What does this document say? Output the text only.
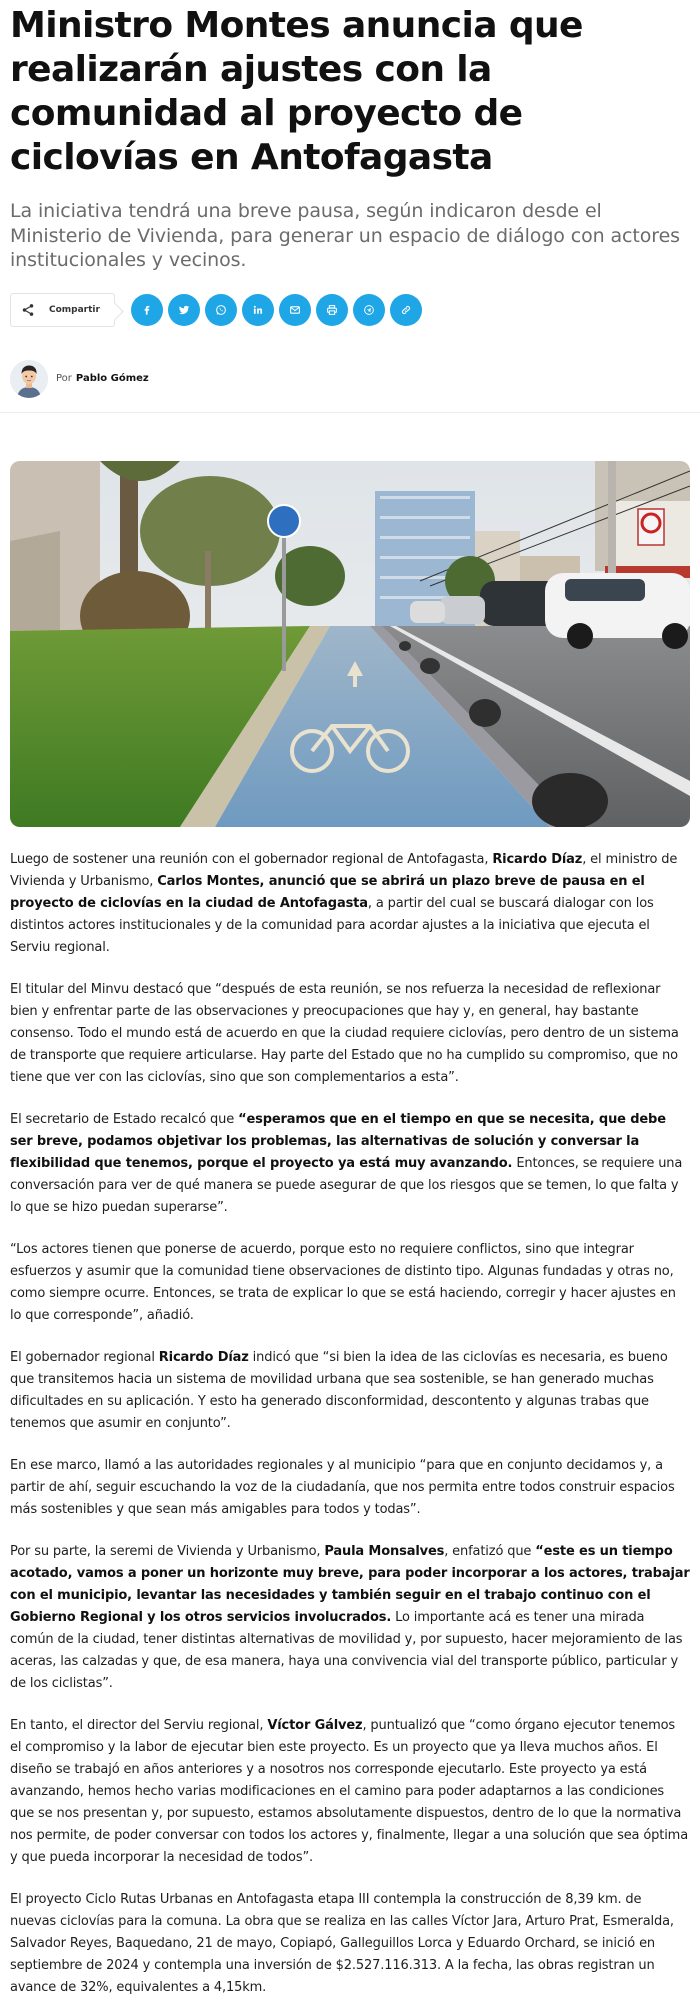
Ministro Montes anuncia que realizarán ajustes con la comunidad al proyecto de ciclovías en Antofagasta

La iniciativa tendrá una breve pausa, según indicaron desde el Ministerio de Vivienda, para generar un espacio de diálogo con actores institucionales y vecinos.

Compartir
Por Pablo Gómez

Luego de sostener una reunión con el gobernador regional de Antofagasta, Ricardo Díaz, el ministro de Vivienda y Urbanismo, Carlos Montes, anunció que se abrirá un plazo breve de pausa en el proyecto de ciclovías en la ciudad de Antofagasta, a partir del cual se buscará dialogar con los distintos actores institucionales y de la comunidad para acordar ajustes a la iniciativa que ejecuta el Serviu regional.

El titular del Minvu destacó que “después de esta reunión, se nos refuerza la necesidad de reflexionar bien y enfrentar parte de las observaciones y preocupaciones que hay y, en general, hay bastante consenso. Todo el mundo está de acuerdo en que la ciudad requiere ciclovías, pero dentro de un sistema de transporte que requiere articularse. Hay parte del Estado que no ha cumplido su compromiso, que no tiene que ver con las ciclovías, sino que son complementarios a esta”.

El secretario de Estado recalcó que “esperamos que en el tiempo en que se necesita, que debe ser breve, podamos objetivar los problemas, las alternativas de solución y conversar la flexibilidad que tenemos, porque el proyecto ya está muy avanzando. Entonces, se requiere una conversación para ver de qué manera se puede asegurar de que los riesgos que se temen, lo que falta y lo que se hizo puedan superarse”.

“Los actores tienen que ponerse de acuerdo, porque esto no requiere conflictos, sino que integrar esfuerzos y asumir que la comunidad tiene observaciones de distinto tipo. Algunas fundadas y otras no, como siempre ocurre. Entonces, se trata de explicar lo que se está haciendo, corregir y hacer ajustes en lo que corresponde”, añadió.

El gobernador regional Ricardo Díaz indicó que “si bien la idea de las ciclovías es necesaria, es bueno que transitemos hacia un sistema de movilidad urbana que sea sostenible, se han generado muchas dificultades en su aplicación. Y esto ha generado disconformidad, descontento y algunas trabas que tenemos que asumir en conjunto”.

En ese marco, llamó a las autoridades regionales y al municipio “para que en conjunto decidamos y, a partir de ahí, seguir escuchando la voz de la ciudadanía, que nos permita entre todos construir espacios más sostenibles y que sean más amigables para todos y todas”.

Por su parte, la seremi de Vivienda y Urbanismo, Paula Monsalves, enfatizó que “este es un tiempo acotado, vamos a poner un horizonte muy breve, para poder incorporar a los actores, trabajar con el municipio, levantar las necesidades y también seguir en el trabajo continuo con el Gobierno Regional y los otros servicios involucrados. Lo importante acá es tener una mirada común de la ciudad, tener distintas alternativas de movilidad y, por supuesto, hacer mejoramiento de las aceras, las calzadas y que, de esa manera, haya una convivencia vial del transporte público, particular y de los ciclistas”.

En tanto, el director del Serviu regional, Víctor Gálvez, puntualizó que “como órgano ejecutor tenemos el compromiso y la labor de ejecutar bien este proyecto. Es un proyecto que ya lleva muchos años. El diseño se trabajó en años anteriores y a nosotros nos corresponde ejecutarlo. Este proyecto ya está avanzando, hemos hecho varias modificaciones en el camino para poder adaptarnos a las condiciones que se nos presentan y, por supuesto, estamos absolutamente dispuestos, dentro de lo que la normativa nos permite, de poder conversar con todos los actores y, finalmente, llegar a una solución que sea óptima y que pueda incorporar la necesidad de todos”.

El proyecto Ciclo Rutas Urbanas en Antofagasta etapa III contempla la construcción de 8,39 km. de nuevas ciclovías para la comuna. La obra que se realiza en las calles Víctor Jara, Arturo Prat, Esmeralda, Salvador Reyes, Baquedano, 21 de mayo, Copiapó, Galleguillos Lorca y Eduardo Orchard, se inició en septiembre de 2024 y contempla una inversión de $2.527.116.313. A la fecha, las obras registran un avance de 32%, equivalentes a 4,15km.
